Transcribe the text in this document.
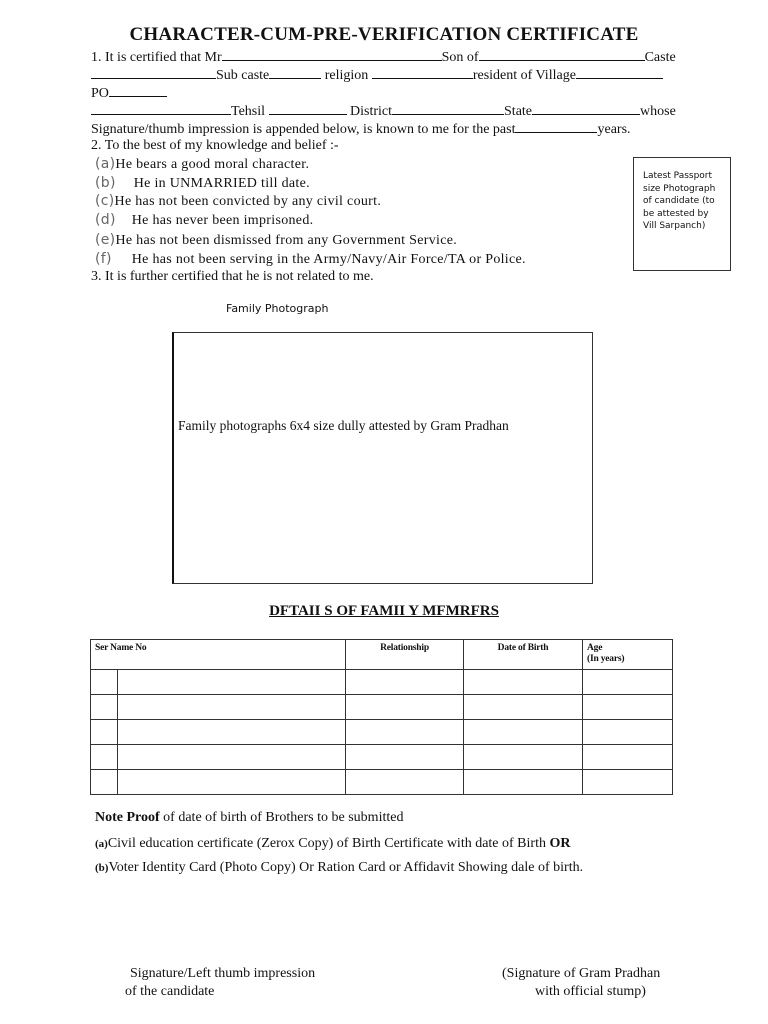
CHARACTER-CUM-PRE-VERIFICATION CERTIFICATE
1. It is certified that Mr	Son of	Caste
Sub caste	religion	resident of Village
PO
Tehsil	District	State	whose
Signature/thumb impression is appended below, is known to me for the past	years.
2. To the best of my knowledge and belief :-
(a)He bears a good moral character.
(b) He in UNMARRIED till date.
(c)He has not been convicted by any civil court.
(d) He has never been imprisoned.
(e)He has not been dismissed from any Government Service.
(f) He has not been serving in the Army/Navy/Air Force/TA or Police.
3. It is further certified that he is not related to me.
Latest Passport size Photograph of candidate (to be attested by Vill Sarpanch)
Family Photograph
Family photographs 6x4 size dully attested by Gram Pradhan
DFTAII S OF FAMII Y MFMRFRS
Ser Name No		Relationship	Date of Birth	Age
(In years)

Note Proof of date of birth of Brothers to be submitted
(a)Civil education certificate (Zerox Copy) of Birth Certificate with date of Birth OR
(b)Voter Identity Card (Photo Copy) Or Ration Card or Affidavit Showing dale of birth.
Signature/Left thumb impression
of the candidate
(Signature of Gram Pradhan
with official stump)
